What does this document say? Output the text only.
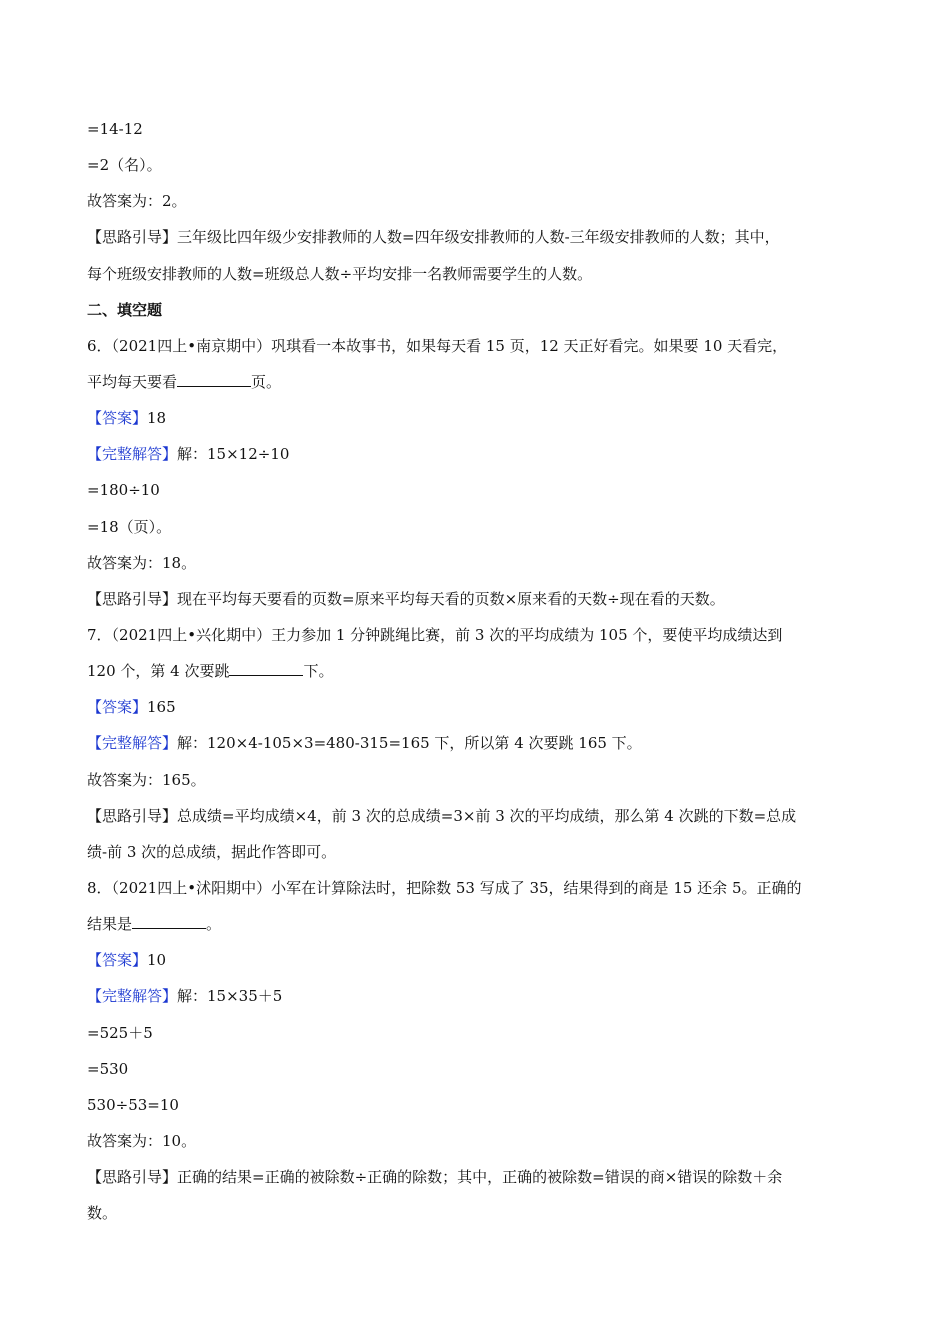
=14-12
=2（名）。
故答案为：2。
【思路引导】三年级比四年级少安排教师的人数=四年级安排教师的人数-三年级安排教师的人数；其中，
每个班级安排教师的人数=班级总人数÷平均安排一名教师需要学生的人数。
二、填空题
6．（2021四上•南京期中）巩琪看一本故事书，如果每天看 15 页，12 天正好看完。如果要 10 天看完，
平均每天要看	页。
【答案】18
【完整解答】解：15×12÷10
=180÷10
=18（页）。
故答案为：18。
【思路引导】现在平均每天要看的页数=原来平均每天看的页数×原来看的天数÷现在看的天数。
7．（2021四上•兴化期中）王力参加 1 分钟跳绳比赛，前 3 次的平均成绩为 105 个，要使平均成绩达到
120 个，第 4 次要跳	下。
【答案】165
【完整解答】解：120×4-105×3=480-315=165 下，所以第 4 次要跳 165 下。
故答案为：165。
【思路引导】总成绩=平均成绩×4，前 3 次的总成绩=3×前 3 次的平均成绩，那么第 4 次跳的下数=总成
绩-前 3 次的总成绩，据此作答即可。
8．（2021四上•沭阳期中）小军在计算除法时，把除数 53 写成了 35，结果得到的商是 15 还余 5。正确的
结果是	。
【答案】10
【完整解答】解：15×35＋5
=525＋5
=530
530÷53=10
故答案为：10。
【思路引导】正确的结果=正确的被除数÷正确的除数；其中，正确的被除数=错误的商×错误的除数＋余
数。
